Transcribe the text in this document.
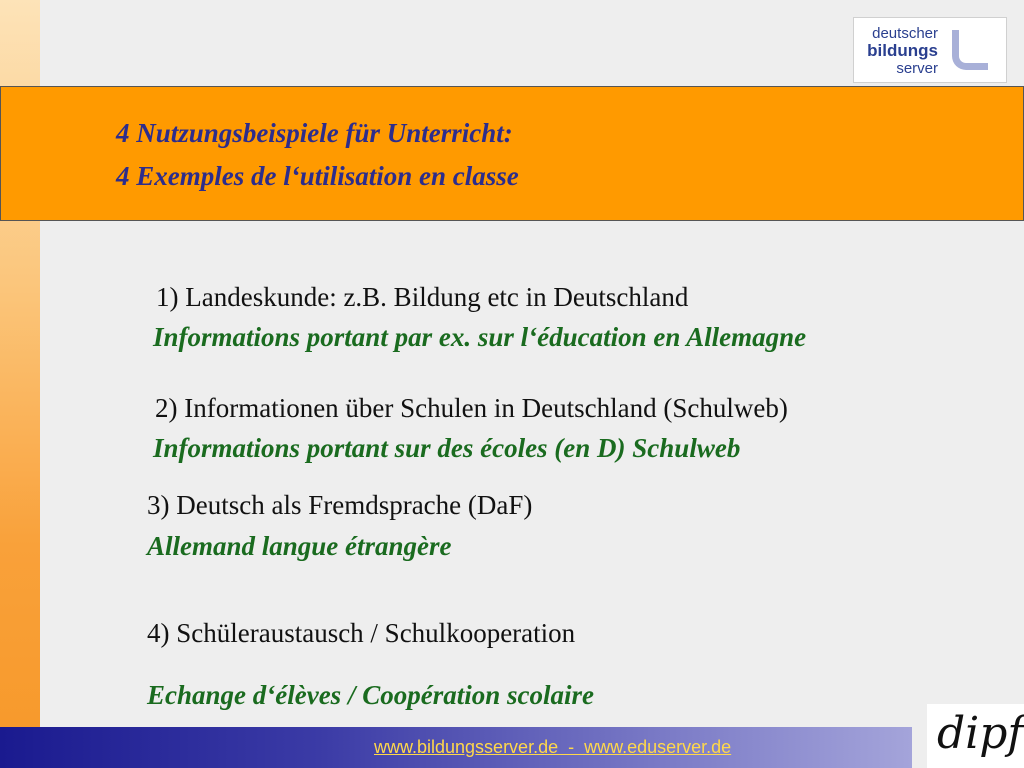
deutscher
bildungs
server
4 Nutzungsbeispiele für Unterricht:
4 Exemples de l‘utilisation en classe
1) Landeskunde: z.B. Bildung etc in Deutschland
Informations portant par ex. sur l‘éducation en Allemagne
2) Informationen über Schulen in Deutschland (Schulweb)
Informations portant sur des écoles (en D) Schulweb
3) Deutsch als Fremdsprache (DaF)
Allemand langue étrangère
4) Schüleraustausch / Schulkooperation
Echange d‘élèves / Coopération scolaire
www.bildungsserver.de  -  www.eduserver.de	dipf
